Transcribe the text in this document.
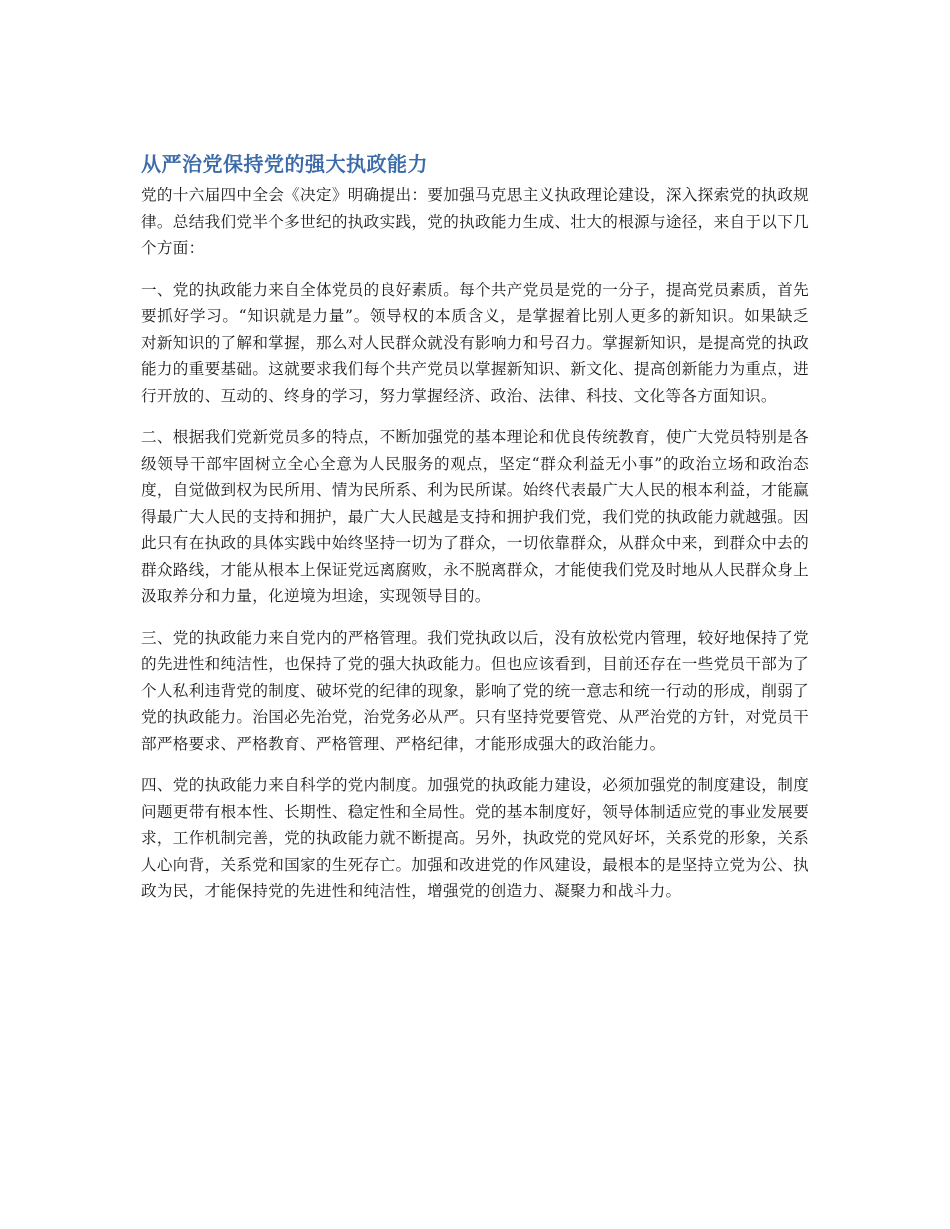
从严治党保持党的强大执政能力

党的十六届四中全会《决定》明确提出：要加强马克思主义执政理论建设，深入探索党的执政规律。总结我们党半个多世纪的执政实践，党的执政能力生成、壮大的根源与途径，来自于以下几个方面：

一、党的执政能力来自全体党员的良好素质。每个共产党员是党的一分子，提高党员素质，首先要抓好学习。“知识就是力量”。领导权的本质含义，是掌握着比别人更多的新知识。如果缺乏对新知识的了解和掌握，那么对人民群众就没有影响力和号召力。掌握新知识，是提高党的执政能力的重要基础。这就要求我们每个共产党员以掌握新知识、新文化、提高创新能力为重点，进行开放的、互动的、终身的学习，努力掌握经济、政治、法律、科技、文化等各方面知识。

二、根据我们党新党员多的特点，不断加强党的基本理论和优良传统教育，使广大党员特别是各级领导干部牢固树立全心全意为人民服务的观点，坚定“群众利益无小事”的政治立场和政治态度，自觉做到权为民所用、情为民所系、利为民所谋。始终代表最广大人民的根本利益，才能赢得最广大人民的支持和拥护，最广大人民越是支持和拥护我们党，我们党的执政能力就越强。因此只有在执政的具体实践中始终坚持一切为了群众，一切依靠群众，从群众中来，到群众中去的群众路线，才能从根本上保证党远离腐败，永不脱离群众，才能使我们党及时地从人民群众身上汲取养分和力量，化逆境为坦途，实现领导目的。

三、党的执政能力来自党内的严格管理。我们党执政以后，没有放松党内管理，较好地保持了党的先进性和纯洁性，也保持了党的强大执政能力。但也应该看到，目前还存在一些党员干部为了个人私利违背党的制度、破坏党的纪律的现象，影响了党的统一意志和统一行动的形成，削弱了党的执政能力。治国必先治党，治党务必从严。只有坚持党要管党、从严治党的方针，对党员干部严格要求、严格教育、严格管理、严格纪律，才能形成强大的政治能力。

四、党的执政能力来自科学的党内制度。加强党的执政能力建设，必须加强党的制度建设，制度问题更带有根本性、长期性、稳定性和全局性。党的基本制度好，领导体制适应党的事业发展要求，工作机制完善，党的执政能力就不断提高。另外，执政党的党风好坏，关系党的形象，关系人心向背，关系党和国家的生死存亡。加强和改进党的作风建设，最根本的是坚持立党为公、执政为民，才能保持党的先进性和纯洁性，增强党的创造力、凝聚力和战斗力。
